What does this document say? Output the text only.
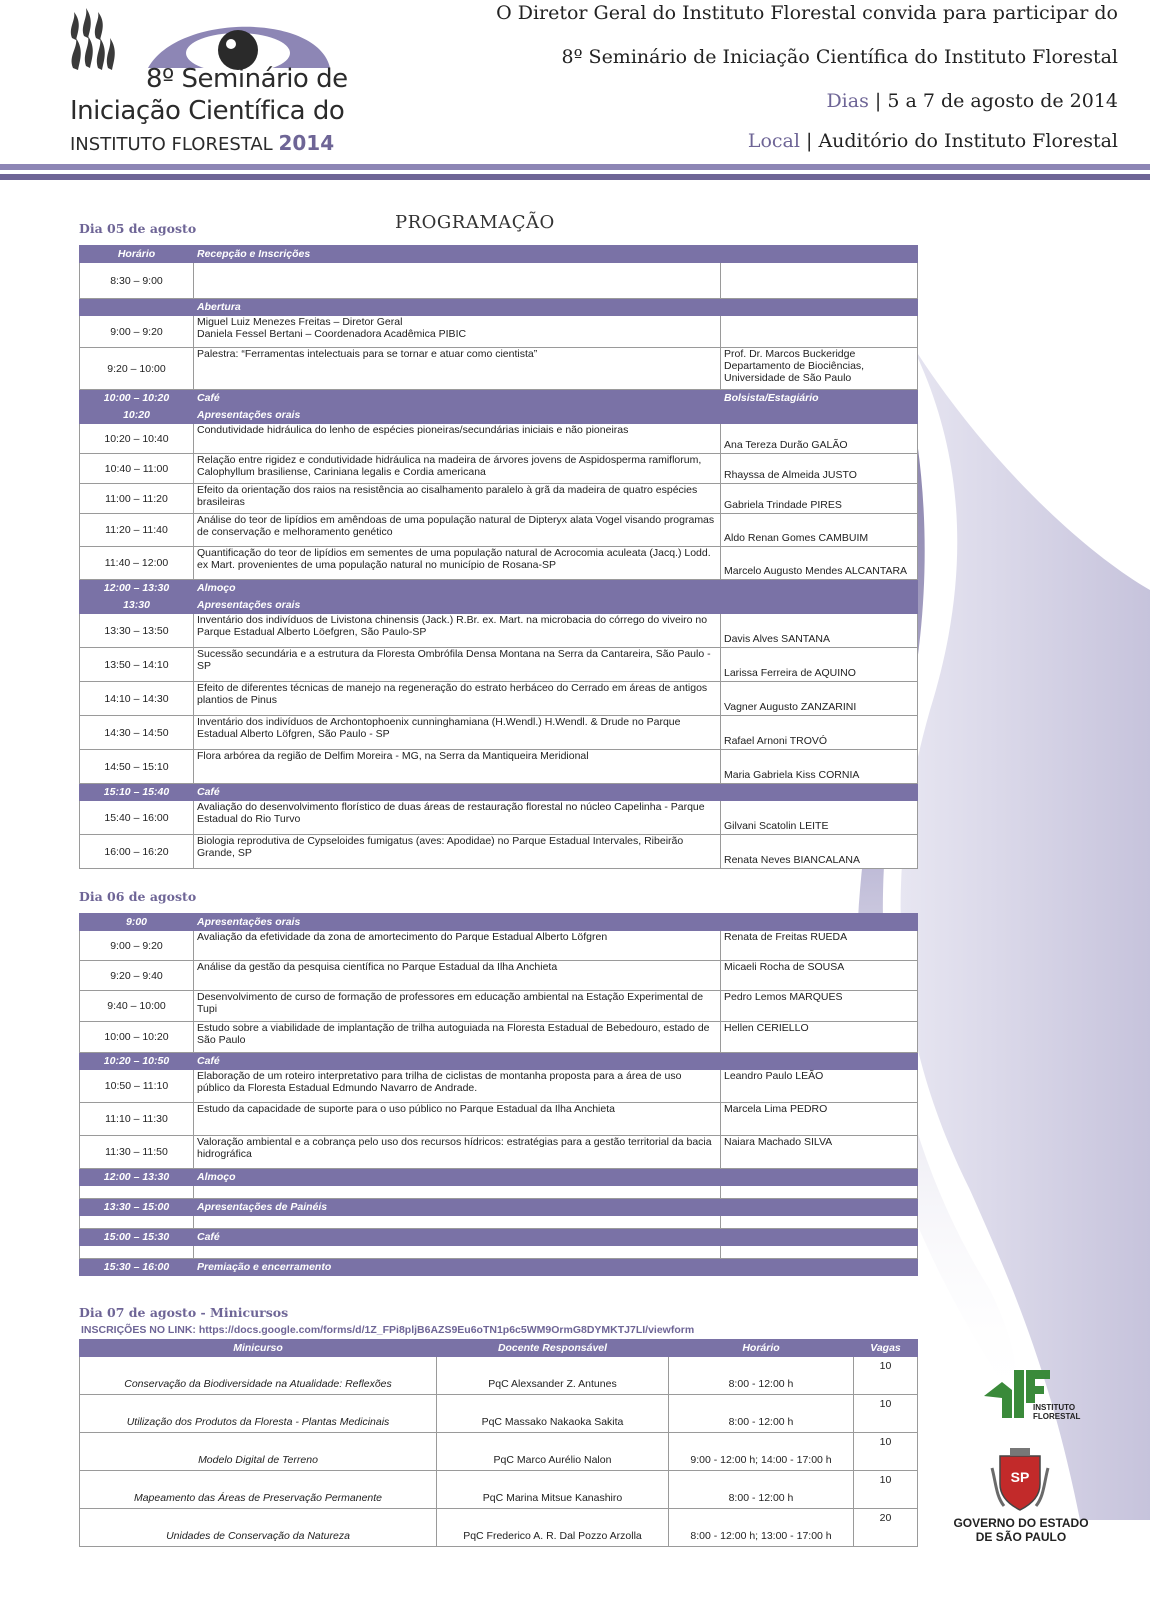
8º Seminário de
Iniciação Científica do
INSTITUTO FLORESTAL 2014
O Diretor Geral do Instituto Florestal convida para participar do
8º Seminário de Iniciação Científica do Instituto Florestal
Dias | 5 a 7 de agosto de 2014
Local | Auditório do Instituto Florestal
PROGRAMAÇÃO
Dia 05 de agosto
Horário	Recepção e Inscrições	
8:30 – 9:00		
	Abertura	
9:00 – 9:20	Miguel Luiz Menezes Freitas – Diretor Geral
Daniela Fessel Bertani – Coordenadora Acadêmica PIBIC	
9:20 – 10:00	Palestra: “Ferramentas intelectuais para se tornar e atuar como cientista”	Prof. Dr. Marcos Buckeridge
Departamento de Biociências,
Universidade de São Paulo
10:00 – 10:20	Café	Bolsista/Estagiário
10:20	Apresentações orais	
10:20 – 10:40	Condutividade hidráulica do lenho de espécies pioneiras/secundárias iniciais e não pioneiras	Ana Tereza Durão GALÃO
10:40 – 11:00	Relação entre rigidez e condutividade hidráulica na madeira de árvores jovens de Aspidosperma ramiflorum, Calophyllum brasiliense, Cariniana legalis e Cordia americana	Rhayssa de Almeida JUSTO
11:00 – 11:20	Efeito da orientação dos raios na resistência ao cisalhamento paralelo à grã da madeira de quatro espécies brasileiras	Gabriela Trindade PIRES
11:20 – 11:40	Análise do teor de lipídios em amêndoas de uma população natural de Dipteryx alata Vogel visando programas de conservação e melhoramento genético	Aldo Renan Gomes CAMBUIM
11:40 – 12:00	Quantificação do teor de lipídios em sementes de uma população natural de Acrocomia aculeata (Jacq.) Lodd. ex Mart. provenientes de uma população natural no município de Rosana-SP	Marcelo Augusto Mendes ALCANTARA
12:00 – 13:30	Almoço	
13:30	Apresentações orais	
13:30 – 13:50	Inventário dos indivíduos de Livistona chinensis (Jack.) R.Br. ex. Mart. na microbacia do córrego do viveiro no Parque Estadual Alberto Löefgren, São Paulo-SP	Davis Alves SANTANA
13:50 – 14:10	Sucessão secundária e a estrutura da Floresta Ombrófila Densa Montana na Serra da Cantareira, São Paulo - SP	Larissa Ferreira de AQUINO
14:10 – 14:30	Efeito de diferentes técnicas de manejo na regeneração do estrato herbáceo do Cerrado em áreas de antigos plantios de Pinus	Vagner Augusto ZANZARINI
14:30 – 14:50	Inventário dos indivíduos de Archontophoenix cunninghamiana (H.Wendl.) H.Wendl. & Drude no Parque Estadual Alberto Löfgren, São Paulo - SP	Rafael Arnoni TROVÓ
14:50 – 15:10	Flora arbórea da região de Delfim Moreira - MG, na Serra da Mantiqueira Meridional	Maria Gabriela Kiss CORNIA
15:10 – 15:40	Café	
15:40 – 16:00	Avaliação do desenvolvimento florístico de duas áreas de restauração florestal no núcleo Capelinha - Parque Estadual do Rio Turvo	Gilvani Scatolin LEITE
16:00 – 16:20	Biologia reprodutiva de Cypseloides fumigatus (aves: Apodidae) no Parque Estadual Intervales, Ribeirão Grande, SP	Renata Neves BIANCALANA
Dia 06 de agosto
9:00	Apresentações orais	
9:00 – 9:20	Avaliação da efetividade da zona de amortecimento do Parque Estadual Alberto Löfgren	Renata de Freitas RUEDA
9:20 – 9:40	Análise da gestão da pesquisa científica no Parque Estadual da Ilha Anchieta	Micaeli Rocha de SOUSA
9:40 – 10:00	Desenvolvimento de curso de formação de professores em educação ambiental na Estação Experimental de Tupi	Pedro Lemos MARQUES
10:00 – 10:20	Estudo sobre a viabilidade de implantação de trilha autoguiada na Floresta Estadual de Bebedouro, estado de São Paulo	Hellen CERIELLO
10:20 – 10:50	Café	
10:50 – 11:10	Elaboração de um roteiro interpretativo para trilha de ciclistas de montanha proposta para a área de uso público da Floresta Estadual Edmundo Navarro de Andrade.	Leandro Paulo LEÃO
11:10 – 11:30	Estudo da capacidade de suporte para o uso público no Parque Estadual da Ilha Anchieta	Marcela Lima PEDRO
11:30 – 11:50	Valoração ambiental e a cobrança pelo uso dos recursos hídricos: estratégias para a gestão territorial da bacia hidrográfica	Naiara Machado SILVA
12:00 – 13:30	Almoço	

13:30 – 15:00	Apresentações de Painéis	

15:00 – 15:30	Café	

15:30 – 16:00	Premiação e encerramento	
Dia 07 de agosto - Minicursos
INSCRIÇÕES NO LINK: https://docs.google.com/forms/d/1Z_FPi8pljB6AZS9Eu6oTN1p6c5WM9OrmG8DYMKTJ7LI/viewform
Minicurso	Docente Responsável	Horário	Vagas
Conservação da Biodiversidade na Atualidade: Reflexões	PqC Alexsander Z. Antunes	8:00 - 12:00 h	10
Utilização dos Produtos da Floresta - Plantas Medicinais	PqC Massako Nakaoka Sakita	8:00 - 12:00 h	10
Modelo Digital de Terreno	PqC Marco Aurélio Nalon	9:00 - 12:00 h; 14:00 - 17:00 h	10
Mapeamento das Áreas de Preservação Permanente	PqC Marina Mitsue Kanashiro	8:00 - 12:00 h	10
Unidades de Conservação da Natureza	PqC Frederico A. R. Dal Pozzo Arzolla	8:00 - 12:00 h; 13:00 - 17:00 h	20
INSTITUTO
FLORESTAL
SP
GOVERNO DO ESTADO
DE SÃO PAULO
